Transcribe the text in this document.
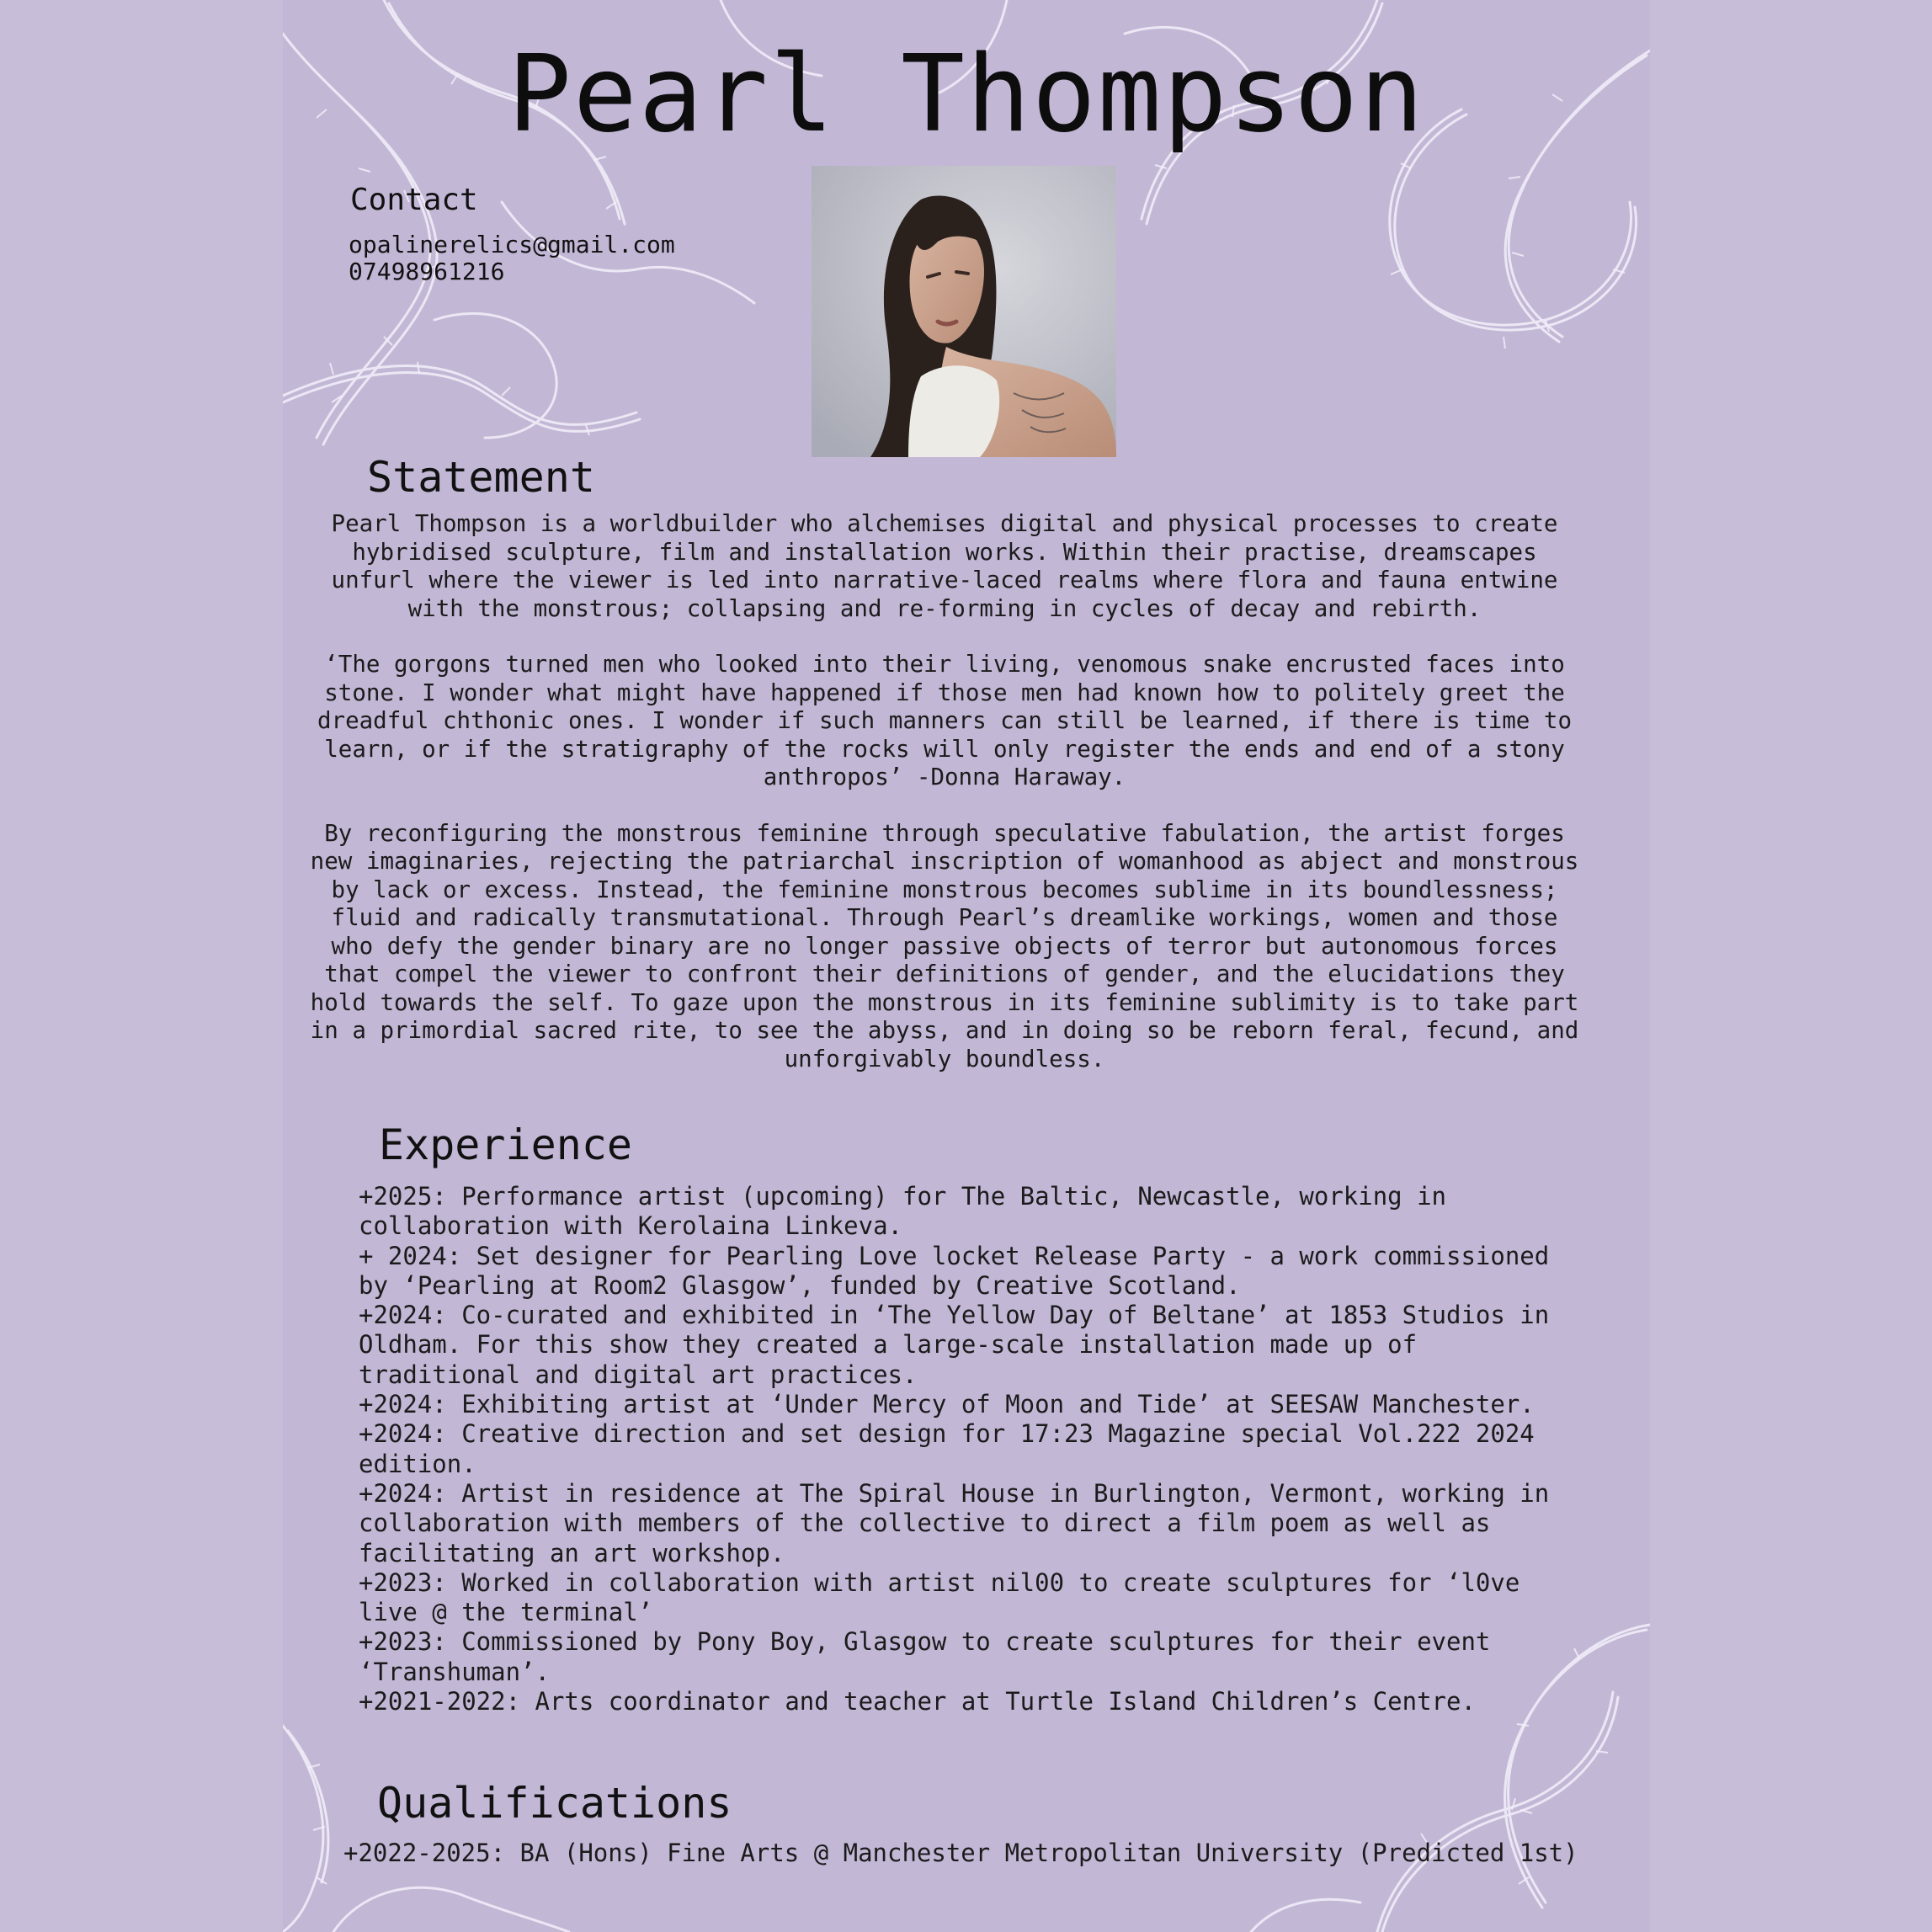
Pearl Thompson
Contact
opalinerelics@gmail.com
07498961216
Statement

Pearl Thompson is a worldbuilder who alchemises digital and physical processes to create hybridised sculpture, film and installation works. Within their practise, dreamscapes unfurl where the viewer is led into narrative-laced realms where flora and fauna entwine with the monstrous; collapsing and re-forming in cycles of decay and rebirth.

‘The gorgons turned men who looked into their living, venomous snake encrusted faces into stone. I wonder what might have happened if those men had known how to politely greet the dreadful chthonic ones. I wonder if such manners can still be learned, if there is time to learn, or if the stratigraphy of the rocks will only register the ends and end of a stony anthropos’ -Donna Haraway.

By reconfiguring the monstrous feminine through speculative fabulation, the artist forges new imaginaries, rejecting the patriarchal inscription of womanhood as abject and monstrous by lack or excess. Instead, the feminine monstrous becomes sublime in its boundlessness; fluid and radically transmutational. Through Pearl’s dreamlike workings, women and those who defy the gender binary are no longer passive objects of terror but autonomous forces that compel the viewer to confront their definitions of gender, and the elucidations they hold towards the self. To gaze upon the monstrous in its feminine sublimity is to take part in a primordial sacred rite, to see the abyss, and in doing so be reborn feral, fecund, and unforgivably boundless.

Experience
+2025: Performance artist (upcoming) for The Baltic, Newcastle, working in collaboration with Kerolaina Linkeva.
+ 2024: Set designer for Pearling Love locket Release Party - a work commissioned by ‘Pearling at Room2 Glasgow’, funded by Creative Scotland.
+2024: Co-curated and exhibited in ‘The Yellow Day of Beltane’ at 1853 Studios in Oldham. For this show they created a large-scale installation made up of traditional and digital art practices.
+2024: Exhibiting artist at ‘Under Mercy of Moon and Tide’ at SEESAW Manchester.
+2024: Creative direction and set design for 17:23 Magazine special Vol.222 2024 edition.
+2024: Artist in residence at The Spiral House in Burlington, Vermont, working in collaboration with members of the collective to direct a film poem as well as facilitating an art workshop.
+2023: Worked in collaboration with artist nil00 to create sculptures for ‘l0ve live @ the terminal’
+2023: Commissioned by Pony Boy, Glasgow to create sculptures for their event ‘Transhuman’.
+2021-2022: Arts coordinator and teacher at Turtle Island Children’s Centre.
Qualifications
+2022-2025: BA (Hons) Fine Arts @ Manchester Metropolitan University (Predicted 1st)
